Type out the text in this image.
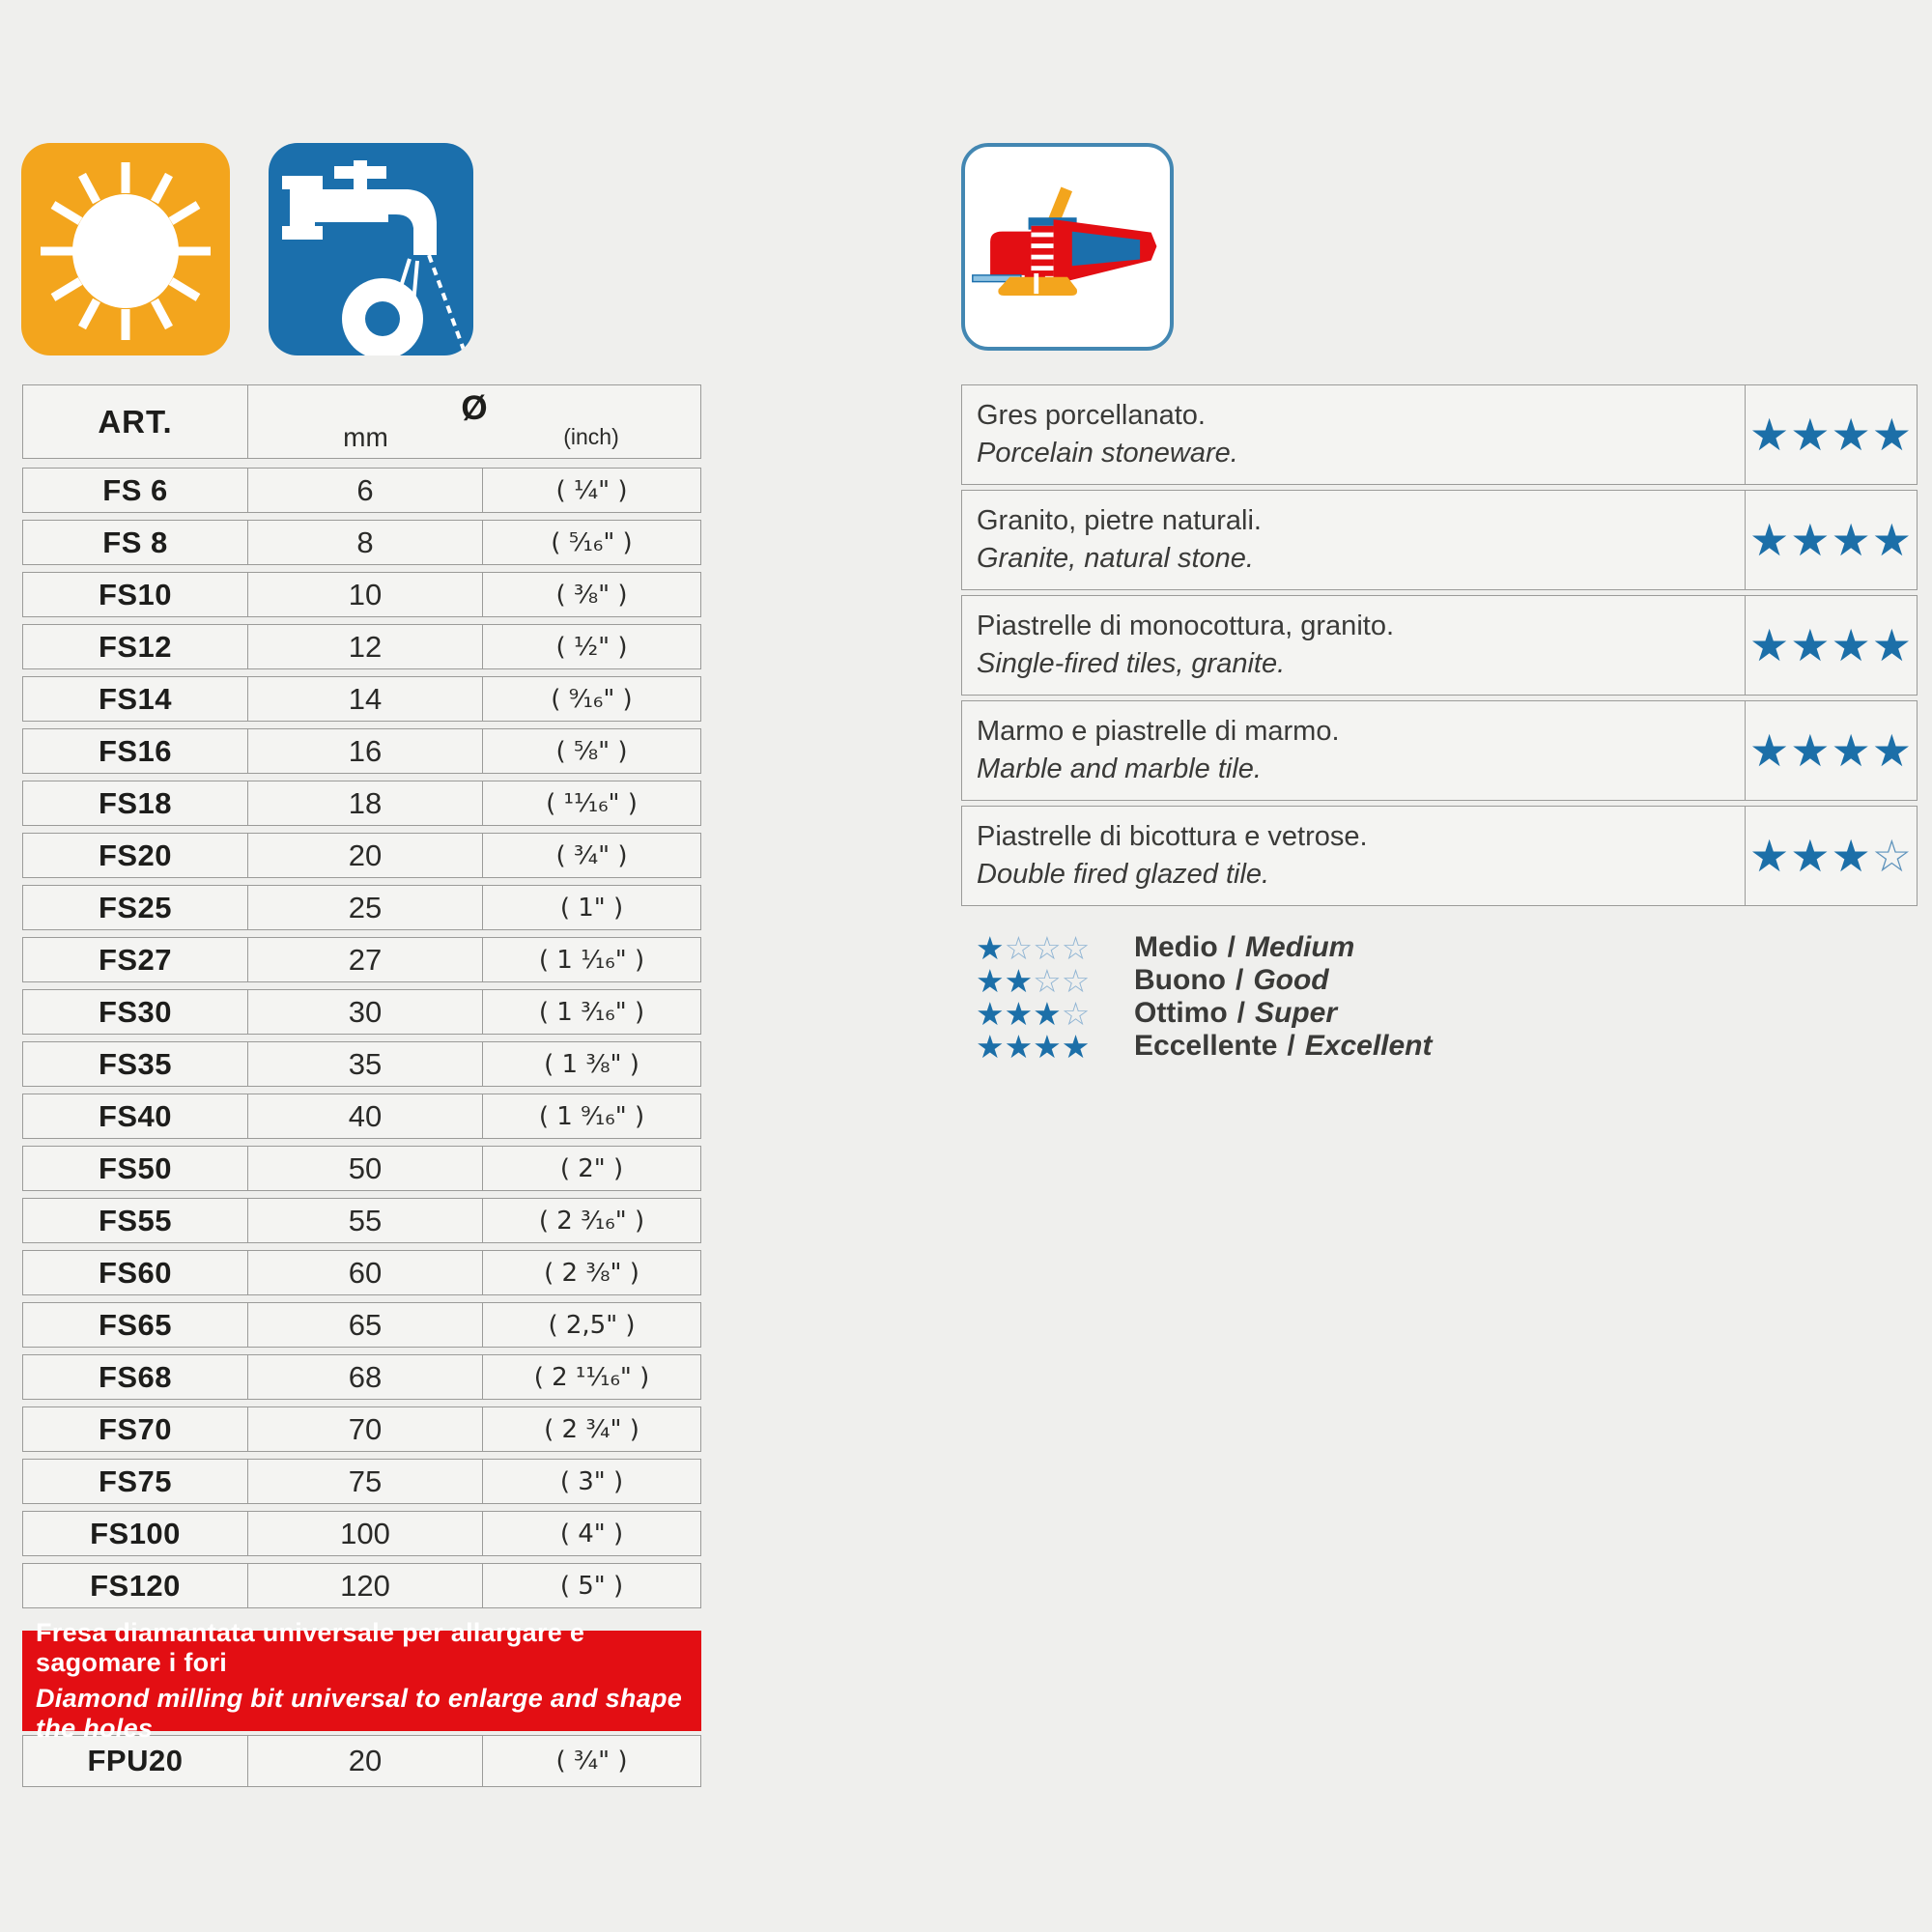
ART.	Ø
mm	(inch)
FS 6	6	( ¹⁄₄" )
FS 8	8	( ⁵⁄₁₆" )
FS10	10	( ³⁄₈" )
FS12	12	( ¹⁄₂" )
FS14	14	( ⁹⁄₁₆" )
FS16	16	( ⁵⁄₈" )
FS18	18	( ¹¹⁄₁₆" )
FS20	20	( ³⁄₄" )
FS25	25	( 1" )
FS27	27	( 1 ¹⁄₁₆" )
FS30	30	( 1 ³⁄₁₆" )
FS35	35	( 1 ³⁄₈" )
FS40	40	( 1 ⁹⁄₁₆" )
FS50	50	( 2" )
FS55	55	( 2 ³⁄₁₆" )
FS60	60	( 2 ³⁄₈" )
FS65	65	( 2,5" )
FS68	68	( 2 ¹¹⁄₁₆" )
FS70	70	( 2 ³⁄₄" )
FS75	75	( 3" )
FS100	100	( 4" )
FS120	120	( 5" )
Fresa diamantata universale per allargare e sagomare i fori
Diamond milling bit universal to enlarge and shape the holes
FPU20	20	( ³⁄₄" )
Gres porcellanato.
Porcelain stoneware.	★★★★
Granito, pietre naturali.
Granite, natural stone.	★★★★
Piastrelle di monocottura, granito.
Single-fired tiles, granite.	★★★★
Marmo e piastrelle di marmo.
Marble and marble tile.	★★★★
Piastrelle di bicottura e vetrose.
Double fired glazed tile.	★★★ ☆
★☆☆☆	Medio / Medium
★★☆☆	Buono / Good
★★★☆	Ottimo / Super
★★★★	Eccellente / Excellent
